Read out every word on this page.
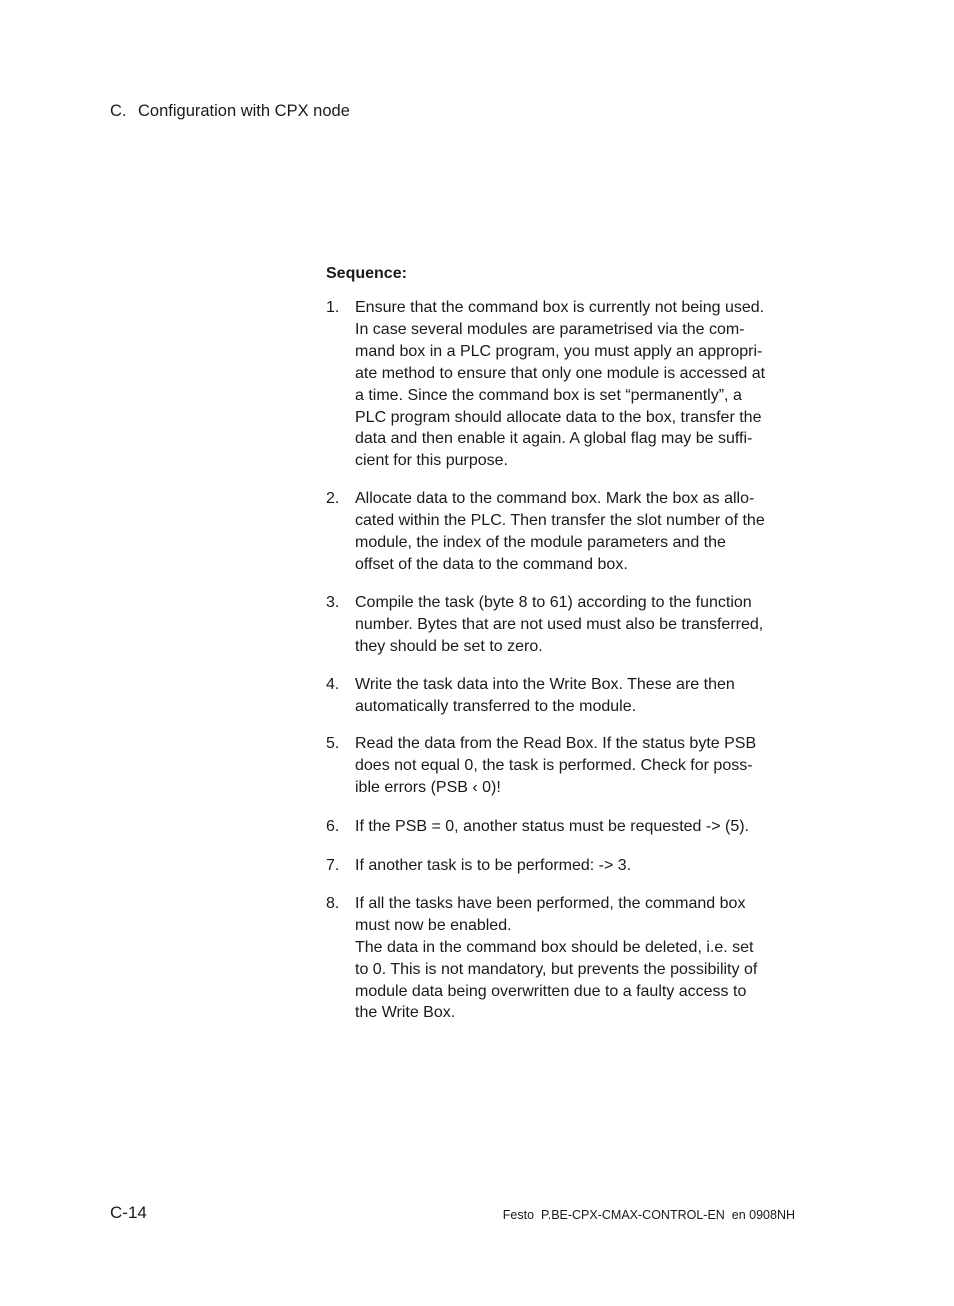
C. Configuration with CPX node
Sequence:
1. Ensure that the command box is currently not being used.
In case several modules are parametrised via the com-
mand box in a PLC program, you must apply an appropri-
ate method to ensure that only one module is accessed at
a time. Since the command box is set “permanently”, a
PLC program should allocate data to the box, transfer the
data and then enable it again. A global flag may be suffi-
cient for this purpose.
2. Allocate data to the command box. Mark the box as allo-
cated within the PLC. Then transfer the slot number of the
module, the index of the module parameters and the
offset of the data to the command box.
3. Compile the task (byte 8 to 61) according to the function
number. Bytes that are not used must also be transferred,
they should be set to zero.
4. Write the task data into the Write Box. These are then
automatically transferred to the module.
5. Read the data from the Read Box. If the status byte PSB
does not equal 0, the task is performed. Check for poss-
ible errors (PSB ‹ 0)!
6. If the PSB = 0, another status must be requested -> (5).
7. If another task is to be performed: -> 3.
8. If all the tasks have been performed, the command box
must now be enabled.
The data in the command box should be deleted, i.e. set
to 0. This is not mandatory, but prevents the possibility of
module data being overwritten due to a faulty access to
the Write Box.
C-14	Festo  P.BE-CPX-CMAX-CONTROL-EN  en 0908NH
